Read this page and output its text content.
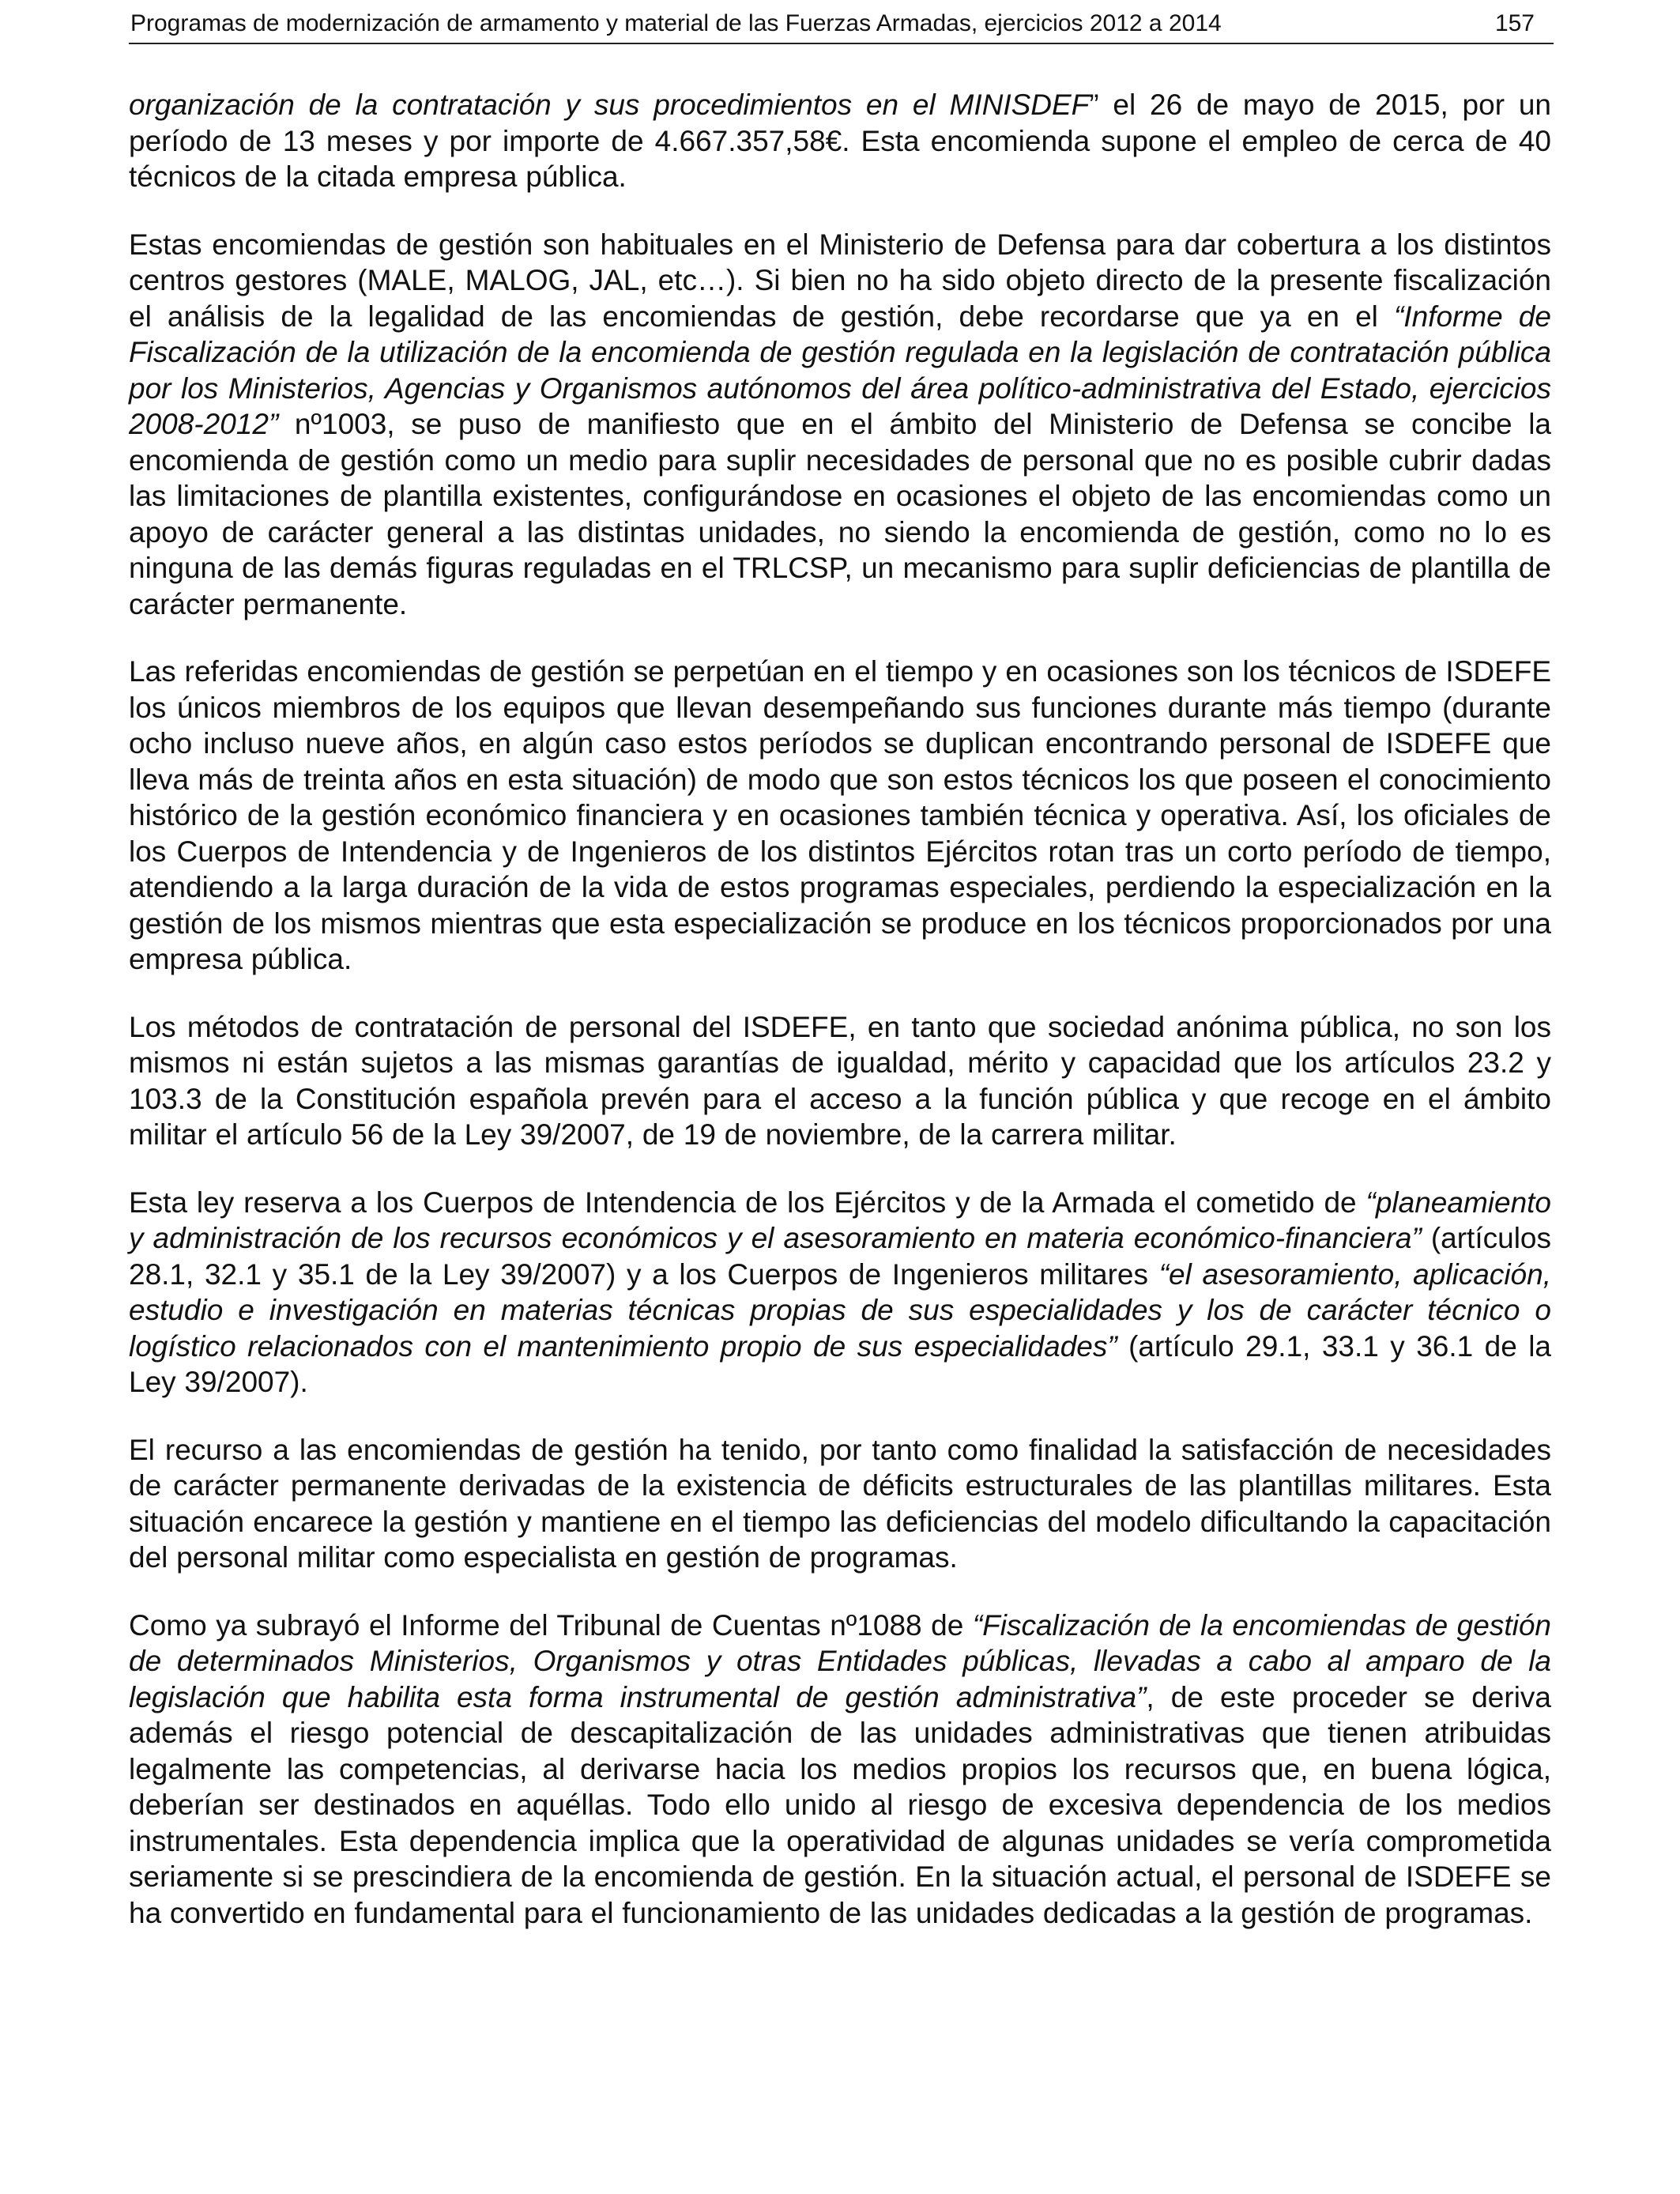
Programas de modernización de armamento y material de las Fuerzas Armadas, ejercicios 2012 a 2014	157

organización de la contratación y sus procedimientos en el MINISDEF” el 26 de mayo de 2015, por un período de 13 meses y por importe de 4.667.357,58€. Esta encomienda supone el empleo de cerca de 40 técnicos de la citada empresa pública.

Estas encomiendas de gestión son habituales en el Ministerio de Defensa para dar cobertura a los distintos centros gestores (MALE, MALOG, JAL, etc…). Si bien no ha sido objeto directo de la presente fiscalización el análisis de la legalidad de las encomiendas de gestión, debe recordarse que ya en el “Informe de Fiscalización de la utilización de la encomienda de gestión regulada en la legislación de contratación pública por los Ministerios, Agencias y Organismos autónomos del área político-administrativa del Estado, ejercicios 2008-2012” nº1003, se puso de manifiesto que en el ámbito del Ministerio de Defensa se concibe la encomienda de gestión como un medio para suplir necesidades de personal que no es posible cubrir dadas las limitaciones de plantilla existentes, configurándose en ocasiones el objeto de las encomiendas como un apoyo de carácter general a las distintas unidades, no siendo la encomienda de gestión, como no lo es ninguna de las demás figuras reguladas en el TRLCSP, un mecanismo para suplir deficiencias de plantilla de carácter permanente.

Las referidas encomiendas de gestión se perpetúan en el tiempo y en ocasiones son los técnicos de ISDEFE los únicos miembros de los equipos que llevan desempeñando sus funciones durante más tiempo (durante ocho incluso nueve años, en algún caso estos períodos se duplican encontrando personal de ISDEFE que lleva más de treinta años en esta situación) de modo que son estos técnicos los que poseen el conocimiento histórico de la gestión económico financiera y en ocasiones también técnica y operativa. Así, los oficiales de los Cuerpos de Intendencia y de Ingenieros de los distintos Ejércitos rotan tras un corto período de tiempo, atendiendo a la larga duración de la vida de estos programas especiales, perdiendo la especialización en la gestión de los mismos mientras que esta especialización se produce en los técnicos proporcionados por una empresa pública.

Los métodos de contratación de personal del ISDEFE, en tanto que sociedad anónima pública, no son los mismos ni están sujetos a las mismas garantías de igualdad, mérito y capacidad que los artículos 23.2 y 103.3 de la Constitución española prevén para el acceso a la función pública y que recoge en el ámbito militar el artículo 56 de la Ley 39/2007, de 19 de noviembre, de la carrera militar.

Esta ley reserva a los Cuerpos de Intendencia de los Ejércitos y de la Armada el cometido de “planeamiento y administración de los recursos económicos y el asesoramiento en materia económico-financiera” (artículos 28.1, 32.1 y 35.1 de la Ley 39/2007) y a los Cuerpos de Ingenieros militares “el asesoramiento, aplicación, estudio e investigación en materias técnicas propias de sus especialidades y los de carácter técnico o logístico relacionados con el mantenimiento propio de sus especialidades” (artículo 29.1, 33.1 y 36.1 de la Ley 39/2007).

El recurso a las encomiendas de gestión ha tenido, por tanto como finalidad la satisfacción de necesidades de carácter permanente derivadas de la existencia de déficits estructurales de las plantillas militares. Esta situación encarece la gestión y mantiene en el tiempo las deficiencias del modelo dificultando la capacitación del personal militar como especialista en gestión de programas.

Como ya subrayó el Informe del Tribunal de Cuentas nº1088 de “Fiscalización de la encomiendas de gestión de determinados Ministerios, Organismos y otras Entidades públicas, llevadas a cabo al amparo de la legislación que habilita esta forma instrumental de gestión administrativa”, de este proceder se deriva además el riesgo potencial de descapitalización de las unidades administrativas que tienen atribuidas legalmente las competencias, al derivarse hacia los medios propios los recursos que, en buena lógica, deberían ser destinados en aquéllas. Todo ello unido al riesgo de excesiva dependencia de los medios instrumentales. Esta dependencia implica que la operatividad de algunas unidades se vería comprometida seriamente si se prescindiera de la encomienda de gestión. En la situación actual, el personal de ISDEFE se ha convertido en fundamental para el funcionamiento de las unidades dedicadas a la gestión de programas.
